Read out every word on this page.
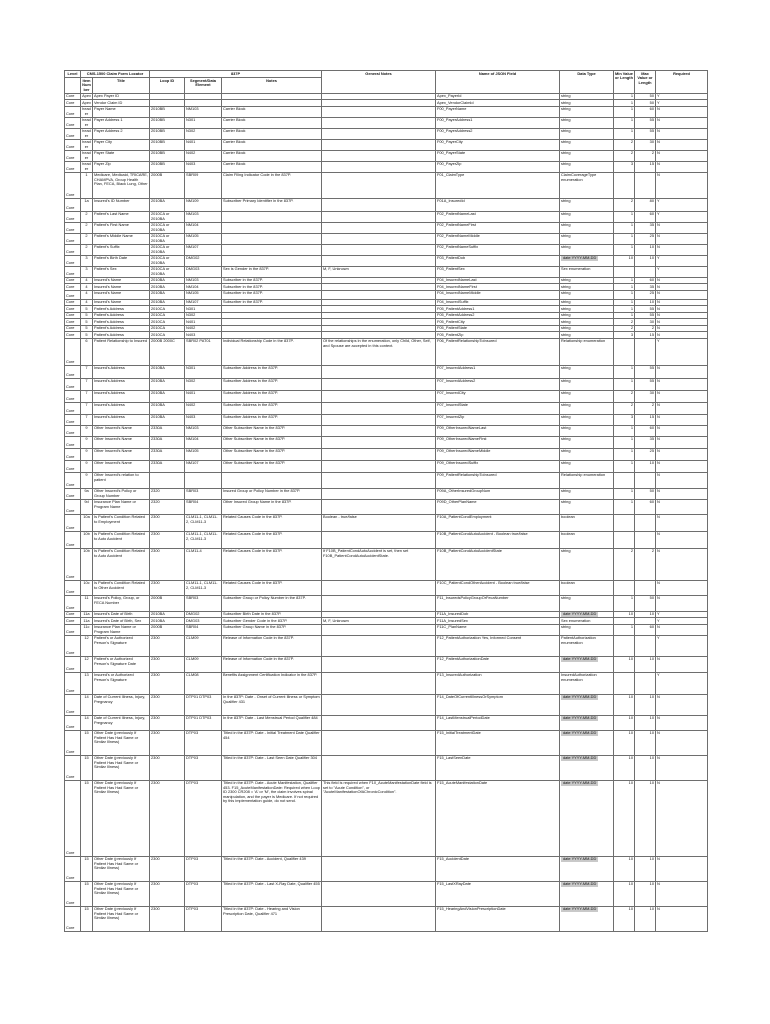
Level	CMS-1500 Claim Form Locator		837P			General Notes	Name of JSON Field	Data Type	Min Value or Length	Max Value or Length	Required
	Item Number	Title	Loop ID	Segment/Data Element	Notes						
Core	Apex	Apex Payer ID					Apex_PayerId	string	1	50	Y
Core	Apex	Vendor Claim ID					Apex_VendorClaimId	string	1	50	Y
Core	header	Payer Name	2010BB	NM103	Carrier Block		F00_PayerName	string	1	60	N
Core	header	Payer Address 1	2010BB	N301	Carrier Block		F00_PayerAddress1	string	1	55	N
Core	header	Payer Address 2	2010BB	N302	Carrier Block		F00_PayerAddress2	string	1	55	N
Core	header	Payer City	2010BB	N401	Carrier Block		F00_PayerCity	string	2	30	N
Core	header	Payer State	2010BB	N402	Carrier Block		F00_PayerState	string	2	2	N
Core	header	Payer Zip	2010BB	N403	Carrier Block		F00_PayerZip	string	3	15	N
Core	1	Medicare, Medicaid, TRICARE, CHAMPVA, Group Health Plan, FECA, Black Lung, Other	2000B	SBR09	Claim Filing Indicator Code in the 837P.		F01_ClaimType	ClaimCoverageType enumeration			N
Core	1a	Insured's ID Number	2010BA	NM109	Subscriber Primary Identifier in the 837P.		F01A_InsuredId	string	2	80	Y
Core	2	Patient's Last Name	2010CA or 2010BA	NM103			F02_PatientNameLast	string	1	60	Y
Core	2	Patient's First Name	2010CA or 2010BA	NM104			F02_PatientNameFirst	string	1	35	N
Core	2	Patient's Middle Name	2010CA or 2010BA	NM105			F02_PatientNameMiddle	string	1	25	N
Core	2	Patient's Suffix	2010CA or 2010BA	NM107			F02_PatientNameSuffix	string	1	10	N
Core	3	Patient's Birth Date	2010CA or 2010BA	DMG02			F03_PatientDob	date YYYY-MM-DD	10	10	Y
Core	3	Patient's Sex	2010CA or 2010BA	DMG03	Sex is Gender in the 837P.	M, F, Unknown	F03_PatientSex	Sex enumeration			Y
Core	4	Insured's Name	2010BA	NM103	Subscriber in the 837P.		F04_InsuredNameLast	string	1	60	N
Core	4	Insured's Name	2010BA	NM104	Subscriber in the 837P.		F04_InsuredNameFirst	string	1	35	N
Core	4	Insured's Name	2010BA	NM105	Subscriber in the 837P.		F04_InsuredNameMiddle	string	1	25	N
Core	4	Insured's Name	2010BA	NM107	Subscriber in the 837P.		F04_InsuredSuffix	string	1	10	N
Core	5	Patient's Address	2010CA	N301			F05_PatientAddress1	string	1	55	N
Core	5	Patient's Address	2010CA	N302			F05_PatientAddress2	string	1	55	N
Core	5	Patient's Address	2010CA	N401			F05_PatientCity	string	2	30	N
Core	5	Patient's Address	2010CA	N402			F05_PatientState	string	2	2	N
Core	5	Patient's Address	2010CA	N403			F05_PatientZip	string	3	15	N
Core	6	Patient Relationship to Insured	2000B 2000C	SBR02 PAT01	Individual Relationship Code in the 837P.	Of the relationships in the enumeration, only Child, Other, Self, and Spouse are accepted in this context.	F06_PatientRelationshipToInsured	Relationship enumeration			Y
Core	7	Insured's Address	2010BA	N301	Subscriber Address in the 837P.		F07_InsuredAddress1	string	1	55	N
Core	7	Insured's Address	2010BA	N302	Subscriber Address in the 837P.		F07_InsuredAddress2	string	1	55	N
Core	7	Insured's Address	2010BA	N401	Subscriber Address in the 837P.		F07_InsuredCity	string	2	30	N
Core	7	Insured's Address	2010BA	N402	Subscriber Address in the 837P.		F07_InsuredState	string	2	2	N
Core	7	Insured's Address	2010BA	N403	Subscriber Address in the 837P.		F07_InsuredZip	string	3	15	N
Core	9	Other Insured's Name	2330A	NM103	Other Subscriber Name in the 837P.		F09_OtherInsuredNameLast	string	1	60	N
Core	9	Other Insured's Name	2330A	NM104	Other Subscriber Name in the 837P.		F09_OtherInsuredNameFirst	string	1	35	N
Core	9	Other Insured's Name	2330A	NM105	Other Subscriber Name in the 837P.		F09_OtherInsuredNameMiddle	string	1	25	N
Core	9	Other Insured's Name	2330A	NM107	Other Subscriber Name in the 837P.		F09_OtherInsuredSuffix	string	1	10	N
Core	9	Other Insured's relation to patient					F09_PatientRelationshipToInsured	Relationship enumeration			N
Core	9a	Other Insured's Policy or Group Number	2320	SBR03	Insured Group or Policy Number in the 837P.		F09A_OtherInsuredGroupNum	string	1	50	N
Core	9d	Insurance Plan Name or Program Name	2320	SBR04	Other Insured Group Name in the 837P.		F09D_OtherPlanName	string	1	60	N
Core	10a	Is Patient's Condition Related to Employment	2300	CLM11-1, CLM11-2, CLM11-3	Related Causes Code in the 837P.	Boolean - true/false	F10A_PatientCondEmployment	boolean			N
Core	10b	Is Patient's Condition Related to Auto Accident	2300	CLM11-1, CLM11-2, CLM11-3	Related Causes Code in the 837P.		F10B_PatientCondAutoAccident - Boolean true/false	boolean			N
Core	10b	Is Patient's Condition Related to Auto Accident	2300	CLM11-4	Related Causes Code in the 837P.	If F10B_PatientCondAutoAccident is set, then set F10B_PatientCondAutoAccidentState.	F10B_PatientCondAutoAccidentState	string	2	2	N
Core	10c	Is Patient's Condition Related to Other Accident	2300	CLM11-1, CLM11-2, CLM11-3	Related Causes Code in the 837P.		F10C_PatientCondOtherAccident - Boolean true/false	boolean			N
Core	11	Insured's Policy, Group, or FECA Number	2000B	SBR03	Subscriber Group or Policy Number in the 837P.		F11_InsuredsPolicyGroupOrFecaNumber	string	1	50	N
Core	11a	Insured's Date of Birth	2010BA	DMG02	Subscriber Birth Date in the 837P.		F11A_InsuredDob	date YYYY-MM-DD	10	10	Y
Core	11a	Insured's Date of Birth, Sex	2010BA	DMG03	Subscriber Gender Code in the 837P.	M, F, Unknown	F11A_InsuredSex	Sex enumeration			Y
Core	11c	Insurance Plan Name or Program Name	2000B	SBR04	Subscriber Group Name in the 837P.		F11C_PlanName	string	1	60	N
Core	12	Patient's or Authorized Person's Signature	2300	CLM09	Release of Information Code in the 837P.		F12_PatientAuthorization Yes, Informed Consent	PatientAuthorization enumeration			Y
Core	12	Patient's or Authorized Person's Signature Date	2300	CLM09	Release of Information Code in the 837P.		F12_PatientAuthorizationDate	date YYYY-MM-DD	10	10	N
Core	13	Insured's or Authorized Person's Signature	2300	CLM08	Benefits Assignment Certification Indicator in the 837P.		F13_InsuredAuthorization	InsuredAuthorization enumeration			Y
Core	14	Date of Current Illness, Injury, Pregnancy	2300	DTP01 DTP03	In the 837P: Date - Onset of Current Illness or Symptom Qualifier 431		F14_DateOfCurrentIllnessOrSymptom	date YYYY-MM-DD	10	10	N
Core	14	Date of Current Illness, Injury, Pregnancy	2300	DTP01 DTP03	In the 837P: Date - Last Menstrual Period Qualifier 484		F14_LastMenstrualPeriodDate	date YYYY-MM-DD	10	10	N
Core	15	Other Date (previously If Patient Has Had Same or Similar Illness)	2300	DTP03	Titled in the 837P: Date - Initial Treatment Date Qualifier 454		F15_InitialTreatmentDate	date YYYY-MM-DD	10	10	N
Core	15	Other Date (previously If Patient Has Had Same or Similar Illness)	2300	DTP03	Titled in the 837P: Date - Last Seen Date Qualifier 304		F15_LastSeenDate	date YYYY-MM-DD	10	10	N
Core	15	Other Date (previously If Patient Has Had Same or Similar Illness)	2300	DTP03	Titled in the 837P: Date - Acute Manifestation, Qualifier 453. F15_AcuteManifestationDate: Required when Loop ID 2300 CR208 = 'A' or 'M', the claim involves spinal manipulation, and the payer is Medicare. If not required by this implementation guide, do not send.	This field is required when F10_AcuteManifestationDate field is set to "Acute Condition", or "AcuteManifestationOfAChronicCondition".	F15_AcuteManifestationDate	date YYYY-MM-DD	10	10	N
Core	15	Other Date (previously If Patient Has Had Same or Similar Illness)	2300	DTP03	Titled in the 837P: Date - Accident, Qualifier 439		F15_AccidentDate	date YYYY-MM-DD	10	10	N
Core	15	Other Date (previously If Patient Has Had Same or Similar Illness)	2300	DTP03	Titled in the 837P: Date - Last X-Ray Date, Qualifier 455		F15_LastXRayDate	date YYYY-MM-DD	10	10	N
Core	15	Other Date (previously If Patient Has Had Same or Similar Illness)	2300	DTP03	Titled in the 837P: Date - Hearing and Vision Prescription Date, Qualifier 471		F15_HearingAndVisionPrescriptionDate	date YYYY-MM-DD	10	10	N
